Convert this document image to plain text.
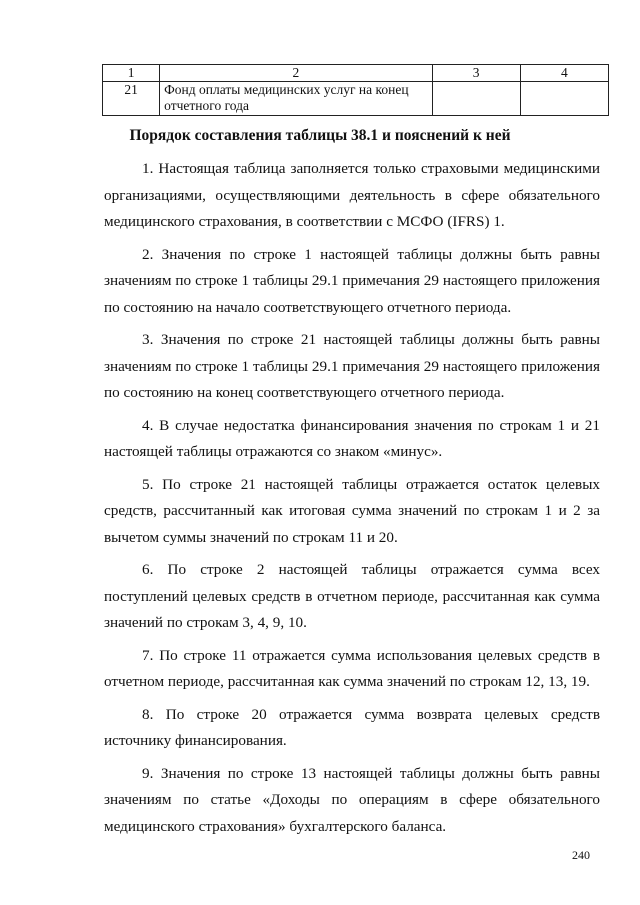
1	2	3	4
21	Фонд оплаты медицинских услуг на конец отчетного года		
Порядок составления таблицы 38.1 и пояснений к ней

1. Настоящая таблица заполняется только страховыми медицинскими организациями, осуществляющими деятельность в сфере обязательного медицинского страхования, в соответствии с МСФО (IFRS) 1.

2. Значения по строке 1 настоящей таблицы должны быть равны значениям по строке 1 таблицы 29.1 примечания 29 настоящего приложения по состоянию на начало соответствующего отчетного периода.

3. Значения по строке 21 настоящей таблицы должны быть равны значениям по строке 1 таблицы 29.1 примечания 29 настоящего приложения по состоянию на конец соответствующего отчетного периода.

4. В случае недостатка финансирования значения по строкам 1 и 21 настоящей таблицы отражаются со знаком «минус».

5. По строке 21 настоящей таблицы отражается остаток целевых средств, рассчитанный как итоговая сумма значений по строкам 1 и 2 за вычетом суммы значений по строкам 11 и 20.

6. По строке 2 настоящей таблицы отражается сумма всех поступлений целевых средств в отчетном периоде, рассчитанная как сумма значений по строкам 3, 4, 9, 10.

7. По строке 11 отражается сумма использования целевых средств в отчетном периоде, рассчитанная как сумма значений по строкам 12, 13, 19.

8. По строке 20 отражается сумма возврата целевых средств источнику финансирования.

9. Значения по строке 13 настоящей таблицы должны быть равны значениям по статье «Доходы по операциям в сфере обязательного медицинского страхования» бухгалтерского баланса.

240
